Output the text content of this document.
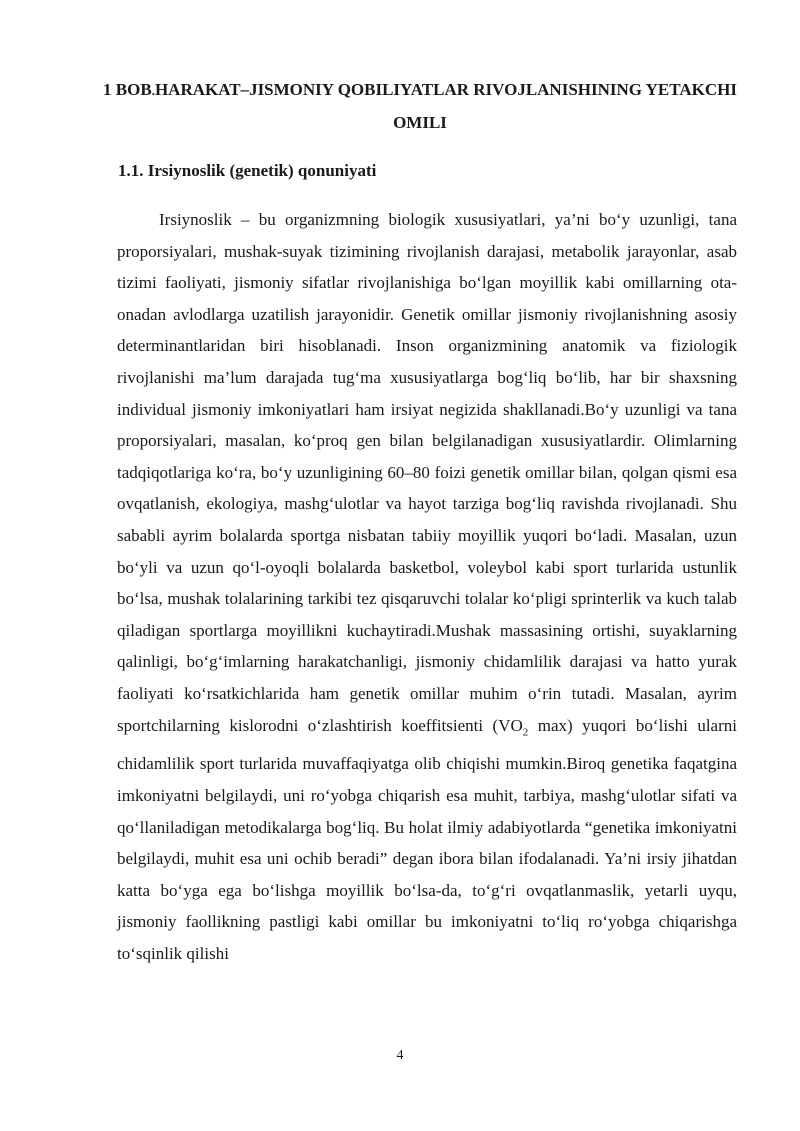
1 BOB.HARAKAT–JISMONIY QOBILIYATLAR RIVOJLANISHINING YETAKCHI OMILI
1.1. Irsiynoslik (genetik) qonuniyati

Irsiynoslik – bu organizmning biologik xususiyatlari, ya’ni bo‘y uzunligi, tana proporsiyalari, mushak-suyak tizimining rivojlanish darajasi, metabolik jarayonlar, asab tizimi faoliyati, jismoniy sifatlar rivojlanishiga bo‘lgan moyillik kabi omillarning ota-onadan avlodlarga uzatilish jarayonidir. Genetik omillar jismoniy rivojlanishning asosiy determinantlaridan biri hisoblanadi. Inson organizmining anatomik va fiziologik rivojlanishi ma’lum darajada tug‘ma xususiyatlarga bog‘liq bo‘lib, har bir shaxsning individual jismoniy imkoniyatlari ham irsiyat negizida shakllanadi.Bo‘y uzunligi va tana proporsiyalari, masalan, ko‘proq gen bilan belgilanadigan xususiyatlardir. Olimlarning tadqiqotlariga ko‘ra, bo‘y uzunligining 60–80 foizi genetik omillar bilan, qolgan qismi esa ovqatlanish, ekologiya, mashg‘ulotlar va hayot tarziga bog‘liq ravishda rivojlanadi. Shu sababli ayrim bolalarda sportga nisbatan tabiiy moyillik yuqori bo‘ladi. Masalan, uzun bo‘yli va uzun qo‘l-oyoqli bolalarda basketbol, voleybol kabi sport turlarida ustunlik bo‘lsa, mushak tolalarining tarkibi tez qisqaruvchi tolalar ko‘pligi sprinterlik va kuch talab qiladigan sportlarga moyillikni kuchaytiradi.Mushak massasining ortishi, suyaklarning qalinligi, bo‘g‘imlarning harakatchanligi, jismoniy chidamlilik darajasi va hatto yurak faoliyati ko‘rsatkichlarida ham genetik omillar muhim o‘rin tutadi. Masalan, ayrim sportchilarning kislorodni o‘zlashtirish koeffitsienti ($VO_2$ max) yuqori bo‘lishi ularni chidamlilik sport turlarida muvaffaqiyatga olib chiqishi mumkin.Biroq genetika faqatgina imkoniyatni belgilaydi, uni ro‘yobga chiqarish esa muhit, tarbiya, mashg‘ulotlar sifati va qo‘llaniladigan metodikalarga bog‘liq. Bu holat ilmiy adabiyotlarda “genetika imkoniyatni belgilaydi, muhit esa uni ochib beradi” degan ibora bilan ifodalanadi. Ya’ni irsiy jihatdan katta bo‘yga ega bo‘lishga moyillik bo‘lsa-da, to‘g‘ri ovqatlanmaslik, yetarli uyqu, jismoniy faollikning pastligi kabi omillar bu imkoniyatni to‘liq ro‘yobga chiqarishga to‘sqinlik qilishi

4
